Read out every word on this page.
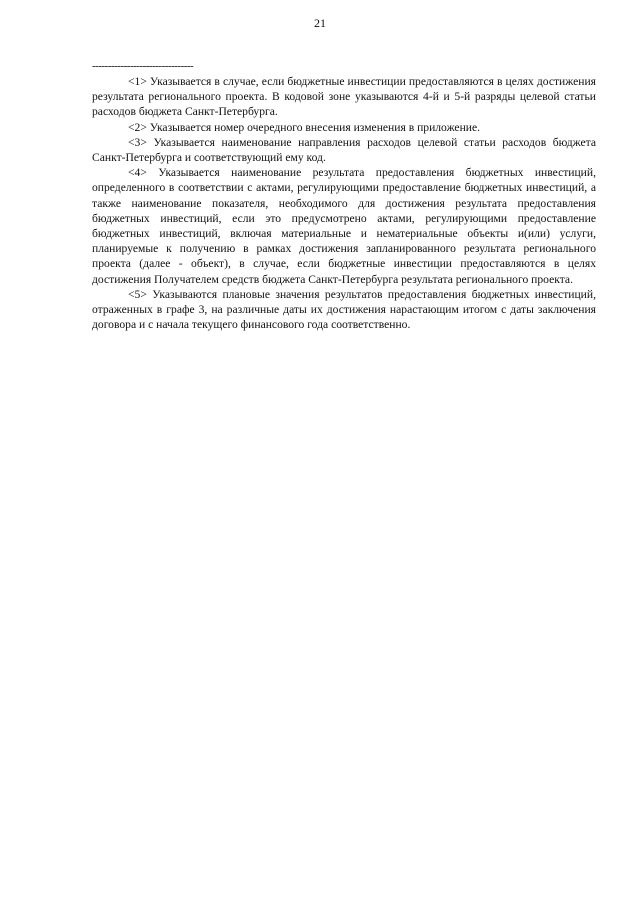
21
--------------------------------

<1> Указывается в случае, если бюджетные инвестиции предоставляются в целях достижения результата регионального проекта. В кодовой зоне указываются 4-й и 5-й разряды целевой статьи расходов бюджета Санкт-Петербурга.

<2> Указывается номер очередного внесения изменения в приложение.

<3> Указывается наименование направления расходов целевой статьи расходов бюджета Санкт-Петербурга и соответствующий ему код.

<4> Указывается наименование результата предоставления бюджетных инвестиций, определенного в соответствии с актами, регулирующими предоставление бюджетных инвестиций, а также наименование показателя, необходимого для достижения результата предоставления бюджетных инвестиций, если это предусмотрено актами, регулирующими предоставление бюджетных инвестиций, включая материальные и нематериальные объекты и(или) услуги, планируемые к получению в рамках достижения запланированного результата регионального проекта (далее - объект), в случае, если бюджетные инвестиции предоставляются в целях достижения Получателем средств бюджета Санкт-Петербурга результата регионального проекта.

<5> Указываются плановые значения результатов предоставления бюджетных инвестиций, отраженных в графе 3, на различные даты их достижения нарастающим итогом с даты заключения договора и с начала текущего финансового года соответственно.
